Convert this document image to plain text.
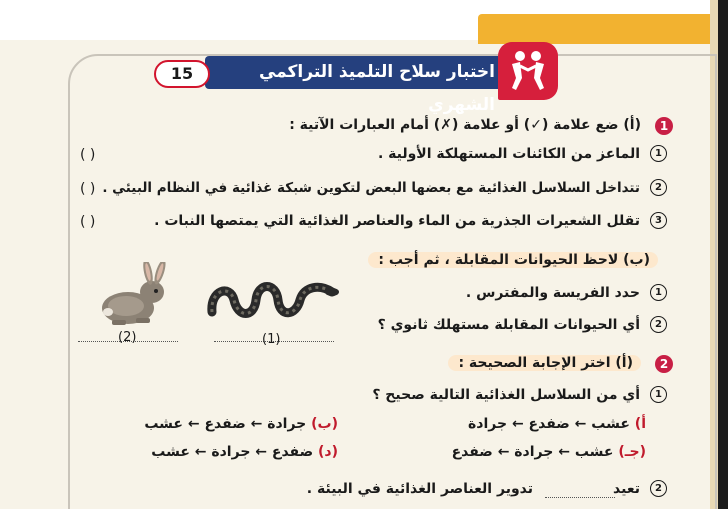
اختبار سلاح التلميذ التراكمي الشهري
15
1
(أ) ضع علامة (✓) أو علامة (✗) أمام العبارات الآتية :
1
الماعز من الكائنات المستهلكة الأولية .
( )
2
تتداخل السلاسل الغذائية مع بعضها البعض لتكوين شبكة غذائية في النظام البيئي .
( )
3
تقلل الشعيرات الجذرية من الماء والعناصر الغذائية التي يمتصها النبات .
( )
(ب) لاحظ الحيوانات المقابلة ، ثم أجب :
1
حدد الفريسة والمفترس .
2
أي الحيوانات المقابلة مستهلك ثانوي ؟
(2)	(1)
2
(أ) اختر الإجابة الصحيحة :
1
أي من السلاسل الغذائية التالية صحيح ؟
أ) عشب ← ضفدع ← جرادة
(ب) جرادة ← ضفدع ← عشب
(جـ) عشب ← جرادة ← ضفدع
(د) ضفدع ← جرادة ← عشب
2
تعيد
تدوير العناصر الغذائية في البيئة .
